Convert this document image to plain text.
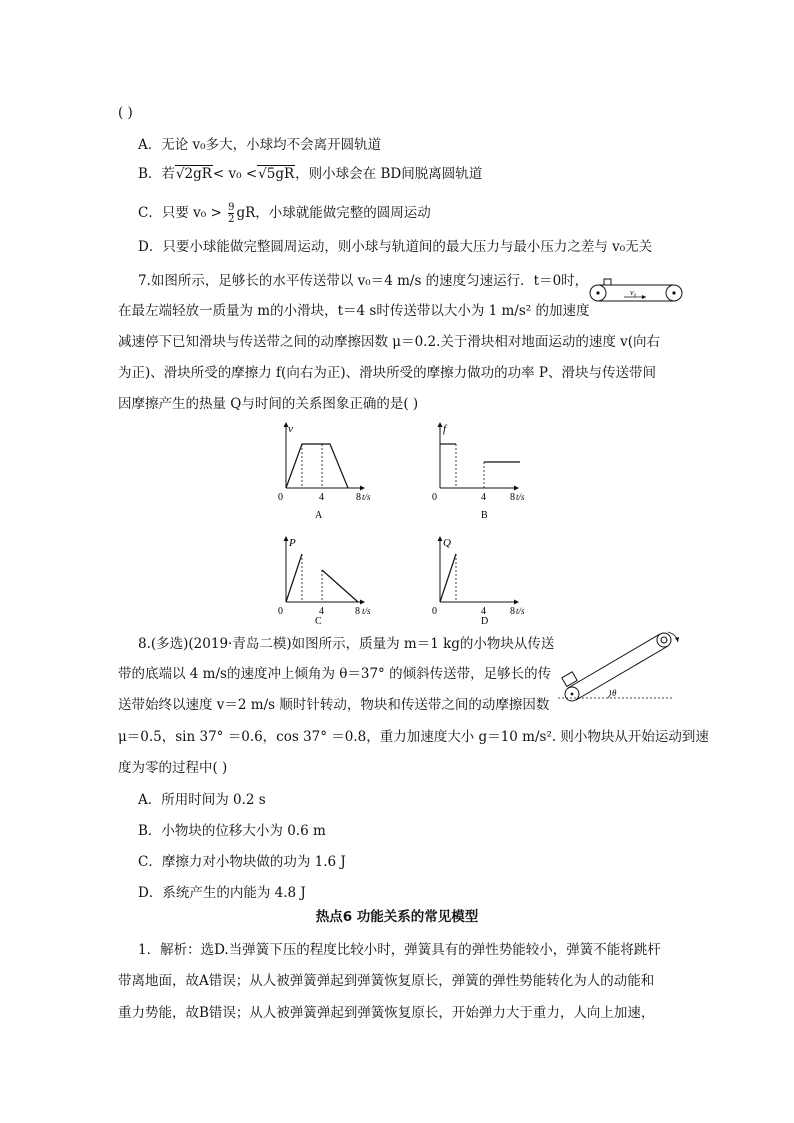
( )
A．无论 v₀多大，小球均不会离开圆轨道
B．若√2gR< v₀ <√5gR，则小球会在 BD间脱离圆轨道
C．只要 $v_0 > \frac{9}{2}$ gR，小球就能做完整的圆周运动
D．只要小球能做完整圆周运动，则小球与轨道间的最大压力与最小压力之差与 v₀无关
7.如图所示，足够长的水平传送带以 v₀＝4 m/s 的速度匀速运行．t＝0时，
在最左端轻放一质量为 m的小滑块，t＝4 s时传送带以大小为 1 m/s² 的加速度
减速停下已知滑块与传送带之间的动摩擦因数 μ＝0.2.关于滑块相对地面运动的速度 v(向右
为正)、滑块所受的摩擦力 f(向右为正)、滑块所受的摩擦力做功的功率 P、滑块与传送带间
因摩擦产生的热量 Q与时间的关系图象正确的是( )
v₀
v
0	4	8 t/s
A
f
0	4 8 t/s
B
P
0	4	8 t/s
C
Q
0	4 8 t/s
D
8.(多选)(2019·青岛二模)如图所示，质量为 m＝1 kg的小物块从传送
带的底端以 4 m/s的速度冲上倾角为 θ＝37° 的倾斜传送带，足够长的传
送带始终以速度 v＝2 m/s 顺时针转动，物块和传送带之间的动摩擦因数
μ＝0.5，sin 37° ＝0.6，cos 37° ＝0.8，重力加速度大小 g＝10 m/s². 则小物块从开始运动到速
度为零的过程中( )
θ
A．所用时间为 0.2 s
B．小物块的位移大小为 0.6 m
C．摩擦力对小物块做的功为 1.6 J
D．系统产生的内能为 4.8 J
热点6 功能关系的常见模型
1．解析：选D.当弹簧下压的程度比较小时，弹簧具有的弹性势能较小，弹簧不能将跳杆
带离地面，故A错误；从人被弹簧弹起到弹簧恢复原长，弹簧的弹性势能转化为人的动能和
重力势能，故B错误；从人被弹簧弹起到弹簧恢复原长，开始弹力大于重力，人向上加速，
